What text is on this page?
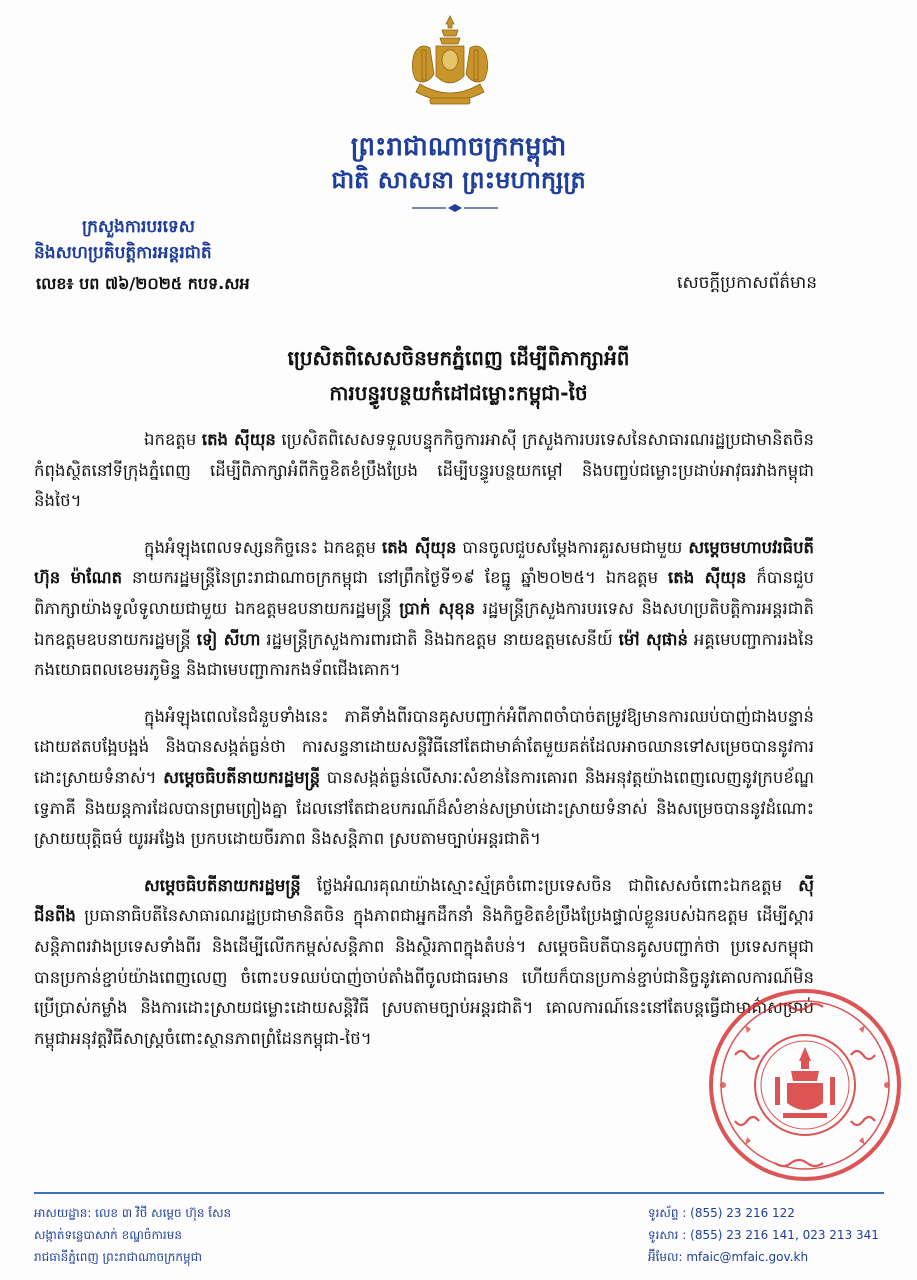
ព្រះរាជាណាចក្រកម្ពុជា
ជាតិ សាសនា ព្រះមហាក្សត្រ
ក្រសួងការបរទេស
និងសហប្រតិបត្តិការអន្តរជាតិ
លេខ៖ បព ៧៦/២០២៥ កបទ.សអ	សេចក្តីប្រកាសព័ត៌មាន
ប្រេសិតពិសេសចិនមកភ្នំពេញ ដើម្បីពិភាក្សាអំពី
ការបន្ធូរបន្ថយកំដៅជម្លោះកម្ពុជា-ថៃ

ឯកឧត្តម តេង ស៊ីយុន ប្រេសិតពិសេសទទួលបន្ទុកកិច្ចការអាស៊ី ក្រសួងការបរទេសនៃសាធារណរដ្ឋប្រជាមានិតចិន កំពុងស្ថិតនៅទីក្រុងភ្នំពេញ ដើម្បីពិភាក្សាអំពីកិច្ចខិតខំប្រឹងប្រែង ដើម្បីបន្ធូរបន្ថយកម្តៅ និងបញ្ចប់ជម្លោះប្រដាប់អាវុធរវាងកម្ពុជា និងថៃ។

ក្នុងអំឡុងពេលទស្សនកិច្ចនេះ ឯកឧត្តម តេង ស៊ីយុន បានចូលជួបសម្តែងការគួរសមជាមួយ សម្តេចមហាបវរធិបតី ហ៊ុន ម៉ាណែត នាយករដ្ឋមន្ត្រីនៃព្រះរាជាណាចក្រកម្ពុជា នៅព្រឹកថ្ងៃទី១៩ ខែធ្នូ ឆ្នាំ២០២៥។ ឯកឧត្តម តេង ស៊ីយុន ក៏បានជួបពិភាក្សាយ៉ាងទូលំទូលាយជាមួយ ឯកឧត្តមឧបនាយករដ្ឋមន្ត្រី ប្រាក់ សុខុន រដ្ឋមន្ត្រីក្រសួងការបរទេស និងសហប្រតិបត្តិការអន្តរជាតិ ឯកឧត្តមឧបនាយករដ្ឋមន្ត្រី ទៀ សីហា រដ្ឋមន្ត្រីក្រសួងការពារជាតិ និងឯកឧត្តម នាយឧត្តមសេនីយ៍ ម៉ៅ សុផាន់ អគ្គមេបញ្ជាការរងនៃកងយោធពលខេមរភូមិន្ទ និងជាមេបញ្ជាការកងទ័ពជើងគោក។

ក្នុងអំឡុងពេលនៃជំនួបទាំងនេះ ភាគីទាំងពីរបានគូសបញ្ជាក់អំពីភាពចាំបាច់តម្រូវឱ្យមានការឈប់បាញ់ជាងបន្ទាន់ដោយឥតបង្អែបង្អង់ និងបានសង្កត់ធ្ងន់ថា ការសន្ទនាដោយសន្តិវិធីនៅតែជាមាគ៌ាតែមួយគត់ដែលអាចឈានទៅសម្រេចបាននូវការដោះស្រាយទំនាស់។ សម្តេចធិបតីនាយករដ្ឋមន្ត្រី បានសង្កត់ធ្ងន់លើសារៈសំខាន់នៃការគោរព និងអនុវត្តយ៉ាងពេញលេញនូវក្របខ័ណ្ឌទ្វេភាគី និងយន្តការដែលបានព្រមព្រៀងគ្នា ដែលនៅតែជាឧបករណ៍ដ៏សំខាន់សម្រាប់ដោះស្រាយទំនាស់ និងសម្រេចបាននូវដំណោះស្រាយយុត្តិធម៌ យូរអង្វែង ប្រកបដោយចីរភាព និងសន្តិភាព ស្របតាមច្បាប់អន្តរជាតិ។

សម្តេចធិបតីនាយករដ្ឋមន្ត្រី ថ្លែងអំណរគុណយ៉ាងស្មោះស្ម័គ្រចំពោះប្រទេសចិន ជាពិសេសចំពោះឯកឧត្តម ស៊ី ជីនពីង ប្រធានាធិបតីនៃសាធារណរដ្ឋប្រជាមានិតចិន ក្នុងភាពជាអ្នកដឹកនាំ និងកិច្ចខិតខំប្រឹងប្រែងផ្ទាល់ខ្លួនរបស់ឯកឧត្តម ដើម្បីស្តារសន្តិភាពរវាងប្រទេសទាំងពីរ និងដើម្បីលើកកម្ពស់សន្តិភាព និងស្ថិរភាពក្នុងតំបន់។ សម្តេចធិបតីបានគូសបញ្ជាក់ថា ប្រទេសកម្ពុជាបានប្រកាន់ខ្ជាប់យ៉ាងពេញលេញ ចំពោះបទឈប់បាញ់ចាប់តាំងពីចូលជាធរមាន ហើយក៏បានប្រកាន់ខ្ជាប់ជានិច្ចនូវគោលការណ៍មិនប្រើប្រាស់កម្លាំង និងការដោះស្រាយជម្លោះដោយសន្តិវិធី ស្របតាមច្បាប់អន្តរជាតិ។ គោលការណ៍នេះនៅតែបន្តធ្វើជាមាគ៌ាសម្រាប់កម្ពុជាអនុវត្តវិធីសាស្ត្រចំពោះស្ថានភាពព្រំដែនកម្ពុជា-ថៃ។

អាសយដ្ឋាន: លេខ ៣ វិថី សម្តេច ហ៊ុន សែន
សង្កាត់ទន្លេបាសាក់ ខណ្ឌចំការមន
រាជធានីភ្នំពេញ ព្រះរាជាណាចក្រកម្ពុជា
ទូរស័ព្ទ : (855) 23 216 122
ទូរសារ : (855) 23 216 141, 023 213 341
អ៊ីមែល: mfaic@mfaic.gov.kh
